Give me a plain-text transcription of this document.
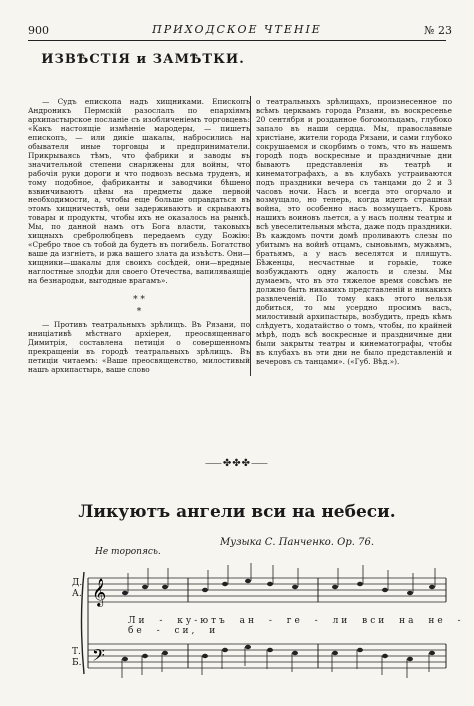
900	ПРИХОДСКОЕ ЧТЕНІЕ	№ 23
ИЗВѢСТІЯ и ЗАМѢТКИ.

— Судъ епископа надъ хищниками. Епископъ Андроникъ Пермскій разослалъ по епархіямъ архипастырское посланіе съ изобличеніемъ торговцевъ: «Какъ настоящіе измѣнніе мародеры, — пишетъ епископъ, — или дикіе шакалы, набросились на обывателя иные торговцы и предприниматели. Прикрываясь тѣмъ, что фабрики и заводы въ значительной степени снаряжены для войны, что рабочія руки дороги и что подвозъ весьма труденъ, и тому подобное, фабриканты и заводчики бѣшено взвинчиваютъ цѣны на предметы даже первой необходимости, а, чтобы еще больше оправдаться въ этомъ хищничествѣ, они задерживаютъ и скрываютъ товары и продукты, чтобы ихъ не оказалось на рынкѣ. Мы, по данной намъ отъ Бога власти, таковыхъ хищныхъ сребролюбцевъ передаемъ суду Божію: «Сребро твое съ тобой да будетъ въ погибель. Богатство ваше да изгніетъ, и ржа вашего злата да изъѣстъ. Они—хищники—шакалы для своихъ сосѣдей, они—вредные наглостные злодѣи для своего Отечества, вапиляваящіе на безнародьи, выгодные врагамъ».

* *
*

— Противъ театральныхъ зрѣлищъ. Въ Рязани, по иниціативѣ мѣстнаго архіерея, преосвященнаго Димитрія, составлена петиція о совершенномъ прекращеніи въ городѣ театральныхъ зрѣлищъ. Въ петиціи читаемъ: «Ваше преосвященство, милостивый нашъ архипастырь, ваше слово

о театральныхъ зрѣлищахъ, произнесенное по всѣмъ церквамъ города Рязани, въ воскресенье 20 сентября и розданное богомольцамъ, глубоко запало въ наши сердца. Мы, православные христіане, жители города Рязани, и сами глубоко сокрушаемся и скорбимъ о томъ, что въ нашемъ городѣ подъ воскресные и праздничные дни бываютъ представленія въ театрѣ и кинематографахъ, а въ клубахъ устраиваются подъ праздники вечера съ танцами до 2 и 3 часовъ ночи. Насъ и всегда это огорчало и возмущало, но теперь, когда идетъ страшная война, это особенно насъ возмущаетъ. Кровь нашихъ воиновъ льется, а у насъ полны театры и всѣ увеселительныя мѣста, даже подъ праздники. Въ каждомъ почти домѣ проливаютъ слезы по убитымъ на войнѣ отцамъ, сыновьямъ, мужьямъ, братьямъ, а у насъ веселятся и пляшутъ. Бѣженцы, несчастные и горькіе, тоже возбуждаютъ одну жалость и слезы. Мы думаемъ, что въ это тяжелое время совсѣмъ не должно быть никакихъ представленій и никакихъ развлеченій. По тому какъ этого нельзя добиться, то мы усердно просимъ васъ, милостивый архипастырь, возбудить, предъ кѣмъ слѣдуетъ, ходатайство о томъ, чтобы, по крайней мѣрѣ, подъ всѣ воскресные и праздничные дни были закрыты театры и кинематографы, чтобы въ клубахъ въ эти дни не было представленій и вечеровъ съ танцами». («Губ. Вѣд.»).

⸺✤✤✤⸺
Ликуютъ ангели вси на небеси.
Музыка С. Панченко. Ор. 76.
Не торопясь.
Д.
А.
Т.
Б.
𝄞
𝄢
Ли - ку-ютъ ан - ге - ли вси на не - бе - си, и
